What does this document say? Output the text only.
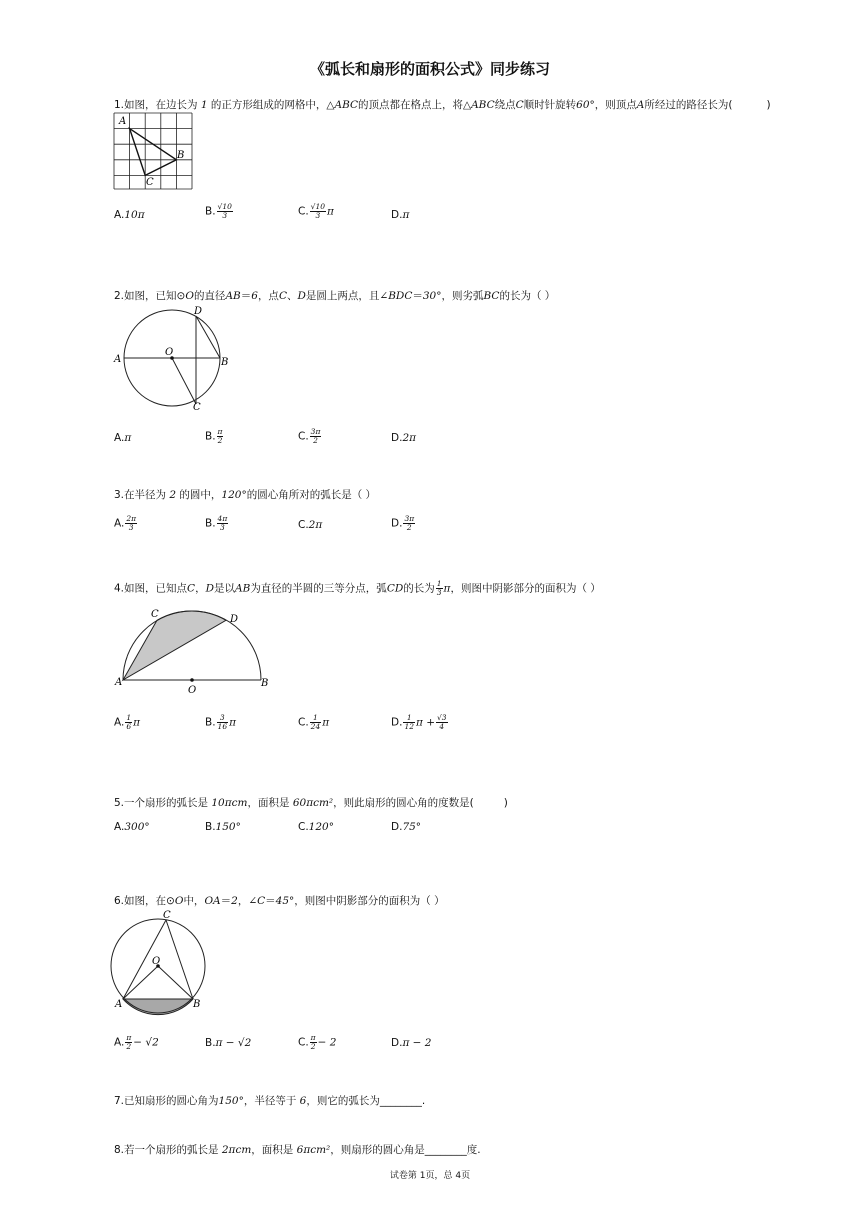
《弧长和扇形的面积公式》同步练习
1.如图，在边长为 1 的正方形组成的网格中，△ABC的顶点都在格点上，将△ABC绕点C顺时针旋转60°，则顶点A所经过的路径长为(	)
A
B
C
A.10π	B. $\frac{√10}{3}$	C. $\frac{√10}{3}$ π	D.π
2.如图，已知⊙O的直径AB＝6，点C、D是圆上两点，且∠BDC＝30°，则劣弧BC的长为（ ）
A	B
C
D
O
A.π	B. $\frac{\pi}{2}$	C. $\frac{3\pi}{2}$	D.2π
3.在半径为 2 的圆中，120°的圆心角所对的弧长是（ ）
A. $\frac{2\pi}{3}$	B. $\frac{4\pi}{3}$	C.2π	D. $\frac{3\pi}{2}$
4.如图，已知点C，D是以AB为直径的半圆的三等分点，弧CD的长为 $\frac{1}{3}$ π，则图中阴影部分的面积为（ ）
A	B
C	D
O
A. $\frac{1}{6}$ π	B. $\frac{3}{16}$ π	C. $\frac{1}{24}$ π	D. $\frac{1}{12}$ $\pi + \frac{√3}{4}$
5.一个扇形的弧长是 10πcm，面积是 60πcm²，则此扇形的圆心角的度数是(	)
A.300°	B.150°	C.120°	D.75°
6.如图，在⊙O中，OA＝2，∠C＝45°，则图中阴影部分的面积为（ ）
A	B
C
O
A. $\frac{\pi}{2} - √2$	B.π − √2	C. $\frac{\pi}{2} - 2$	D.π − 2
7.已知扇形的圆心角为150°，半径等于 6，则它的弧长为________.
8.若一个扇形的弧长是 2πcm，面积是 6πcm²，则扇形的圆心角是________度.
试卷第 1页，总 4页
